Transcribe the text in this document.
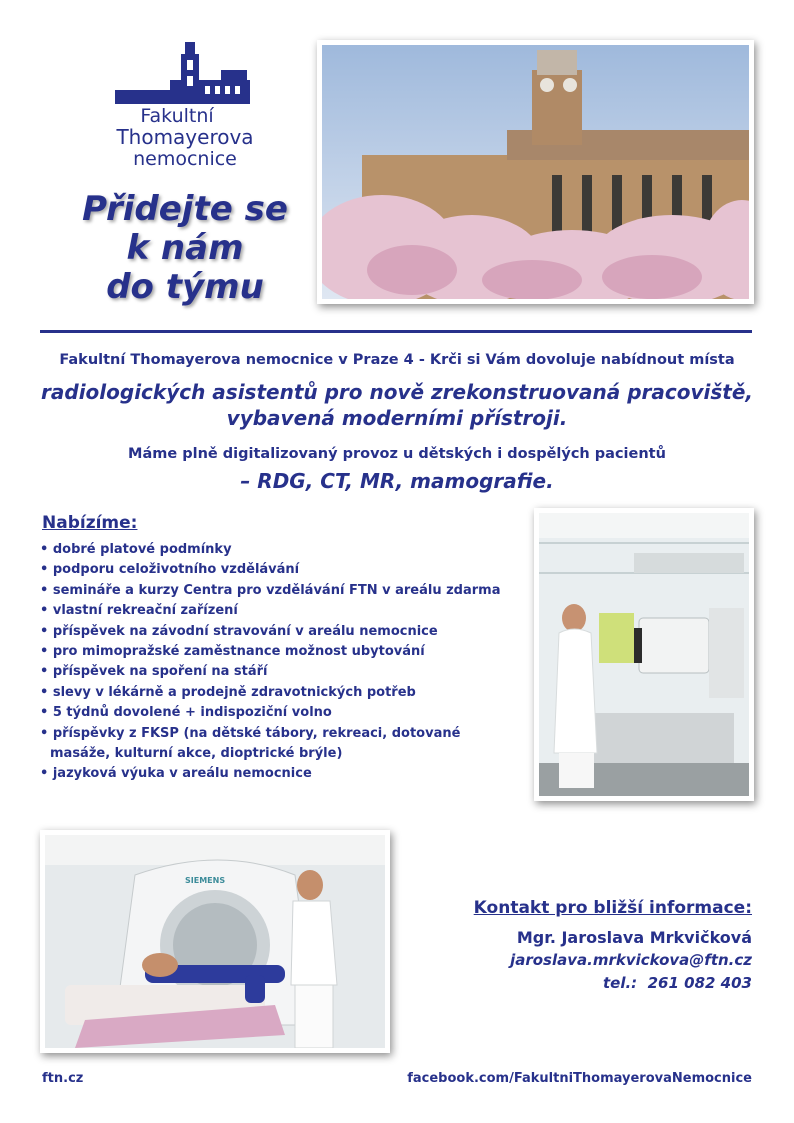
Fakultní
Thomayerova
nemocnice
Přidejte se
k nám
do týmu
Fakultní Thomayerova nemocnice v Praze 4 - Krči si Vám dovoluje nabídnout místa
radiologických asistentů pro nově zrekonstruovaná pracoviště,
vybavená moderními přístroji.
Máme plně digitalizovaný provoz u dětských i dospělých pacientů
– RDG, CT, MR, mamografie.
Nabízíme:
• dobré platové podmínky
• podporu celoživotního vzdělávání
• semináře a kurzy Centra pro vzdělávání FTN v areálu zdarma
• vlastní rekreační zařízení
• příspěvek na závodní stravování v areálu nemocnice
• pro mimopražské zaměstnance možnost ubytování
• příspěvek na spoření na stáří
• slevy v lékárně a prodejně zdravotnických potřeb
• 5 týdnů dovolené + indispoziční volno
• příspěvky z FKSP (na dětské tábory, rekreaci, dotované masáže, kulturní akce, dioptrické brýle)
• jazyková výuka v areálu nemocnice
SIEMENS
Kontakt pro bližší informace:
Mgr. Jaroslava Mrkvičková
jaroslava.mrkvickova@ftn.cz
tel.:  261 082 403
ftn.cz	facebook.com/FakultniThomayerovaNemocnice
